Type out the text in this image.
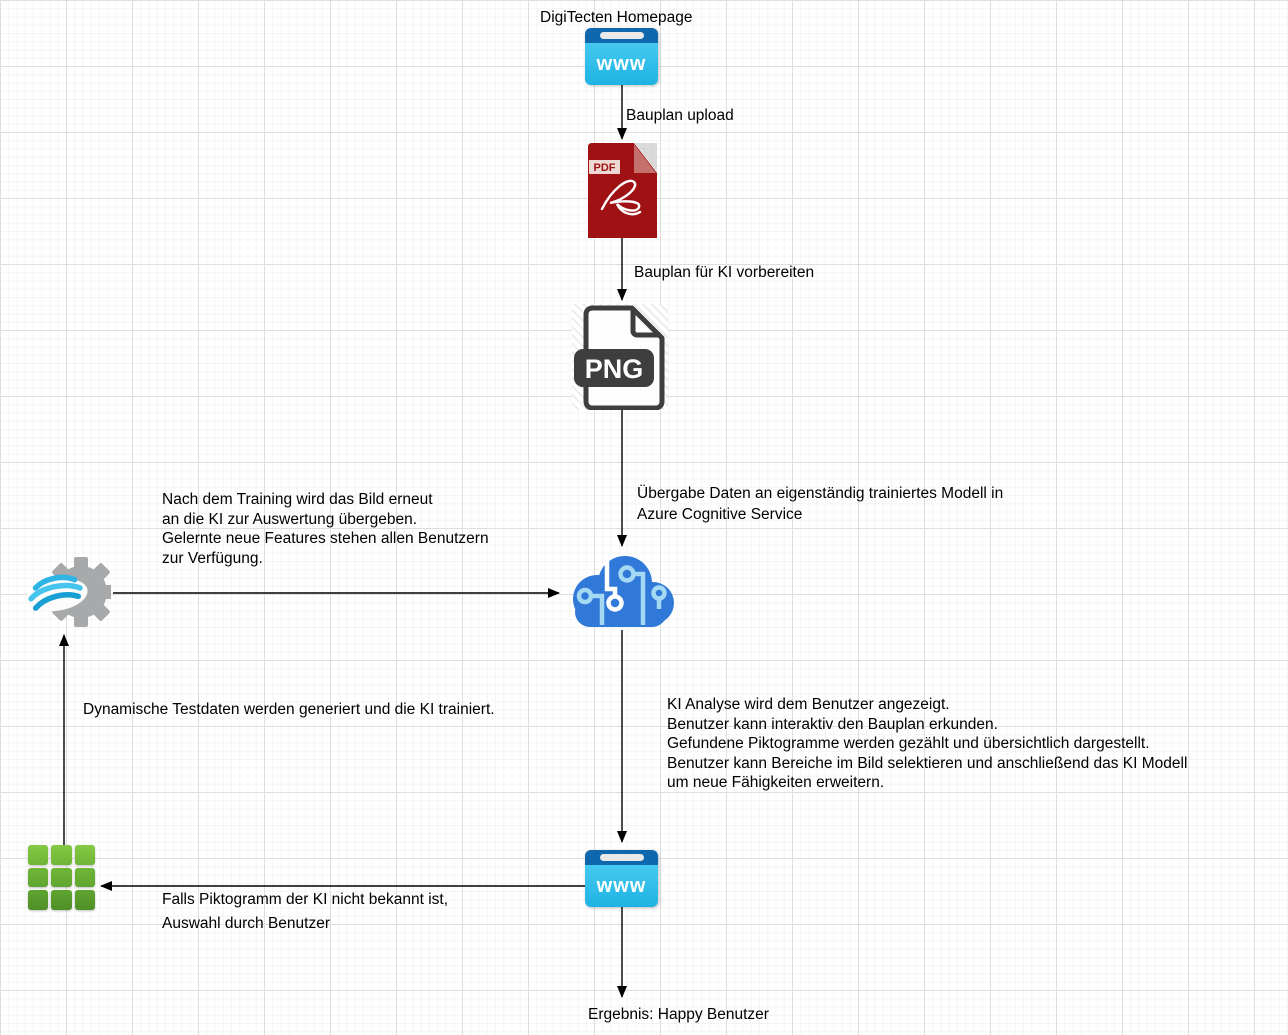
DigiTecten Homepage
www
Bauplan upload
PDF
Bauplan für KI vorbereiten
PNG
Übergabe Daten an eigenständig trainiertes Modell in
Azure Cognitive Service
Nach dem Training wird das Bild erneut
an die KI zur Auswertung übergeben.
Gelernte neue Features stehen allen Benutzern
zur Verfügung.
KI Analyse wird dem Benutzer angezeigt.
Benutzer kann interaktiv den Bauplan erkunden.
Gefundene Piktogramme werden gezählt und übersichtlich dargestellt.
Benutzer kann Bereiche im Bild selektieren und anschließend das KI Modell
um neue Fähigkeiten erweitern.
Dynamische Testdaten werden generiert und die KI trainiert.
www
Falls Piktogramm der KI nicht bekannt ist,
Auswahl durch Benutzer
Ergebnis: Happy Benutzer
